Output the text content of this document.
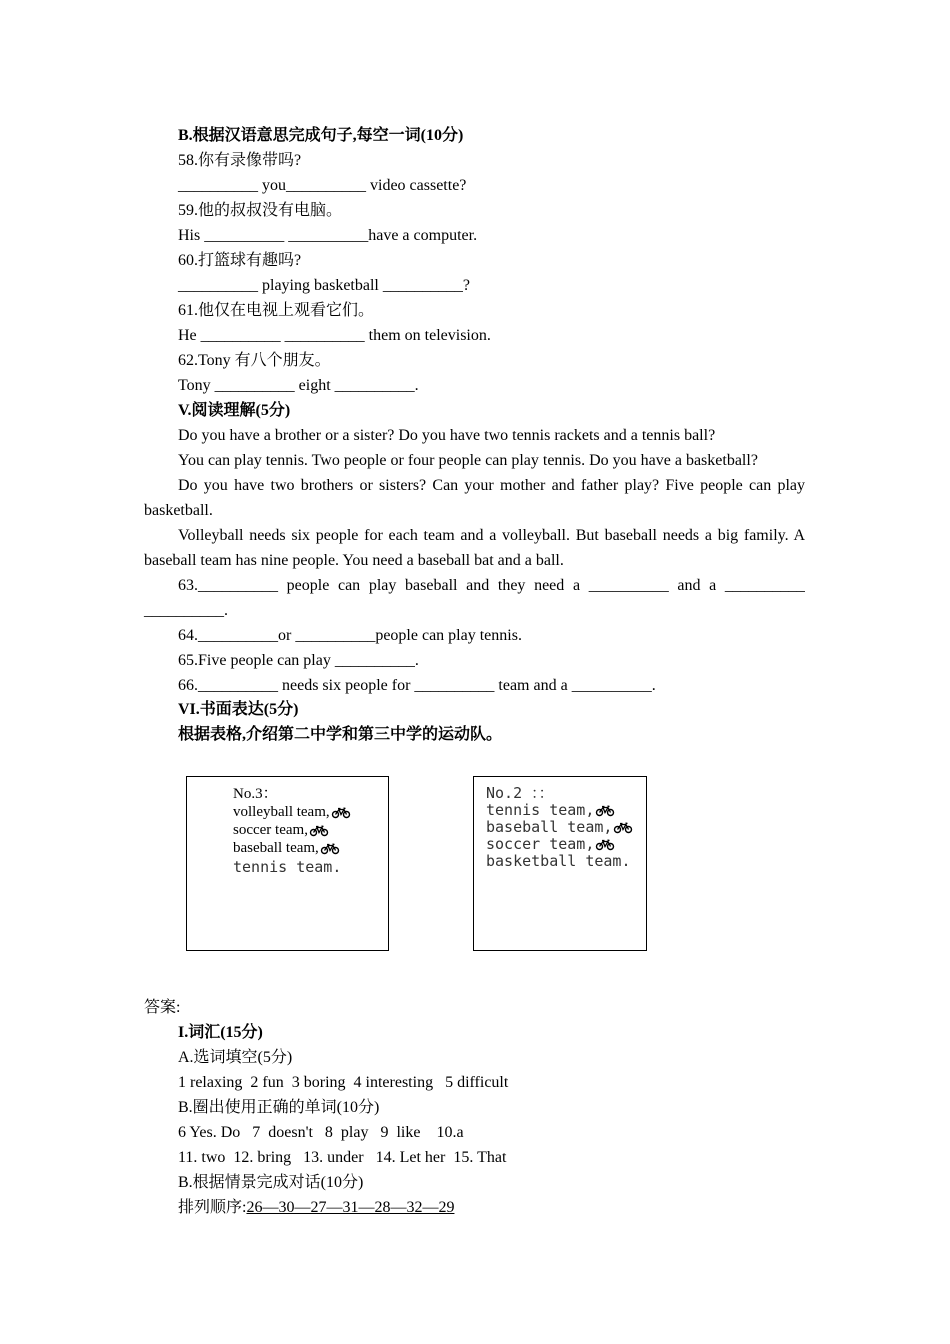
B.根据汉语意思完成句子,每空一词(10分)
58.你有录像带吗?
__________ you__________ video cassette?
59.他的叔叔没有电脑。
His __________ __________have a computer.
60.打篮球有趣吗?
__________ playing basketball __________?
61.他仅在电视上观看它们。
He __________ __________ them on television.
62.Tony 有八个朋友。
Tony __________ eight __________.
V.阅读理解(5分)
Do you have a brother or a sister? Do you have two tennis rackets and a tennis ball?
You can play tennis. Two people or four people can play tennis. Do you have a basketball?
Do you have two brothers or sisters? Can your mother and father play? Five people can play
basketball.
Volleyball needs six people for each team and a volleyball. But baseball needs a big family. A
baseball team has nine people. You need a baseball bat and a ball.
63.__________ people can play baseball and they need a __________ and a __________
__________.
64.__________or __________people can play tennis.
65.Five people can play __________.
66.__________ needs six people for __________ team and a __________.
VI.书面表达(5分)
根据表格,介绍第二中学和第三中学的运动队。
No.3：
volleyball team,
soccer team,
baseball team,
tennis team.
No.2 ：：
tennis team,
baseball team,
soccer team,
basketball team.
答案:
I.词汇(15分)
A.选词填空(5分)
1 relaxing  2 fun  3 boring  4 interesting   5 difficult
B.圈出使用正确的单词(10分)
6 Yes. Do   7  doesn't   8  play   9  like    10.a
11. two  12. bring   13. under   14. Let her  15. That
B.根据情景完成对话(10分)
排列顺序:26—30—27—31—28—32—29
